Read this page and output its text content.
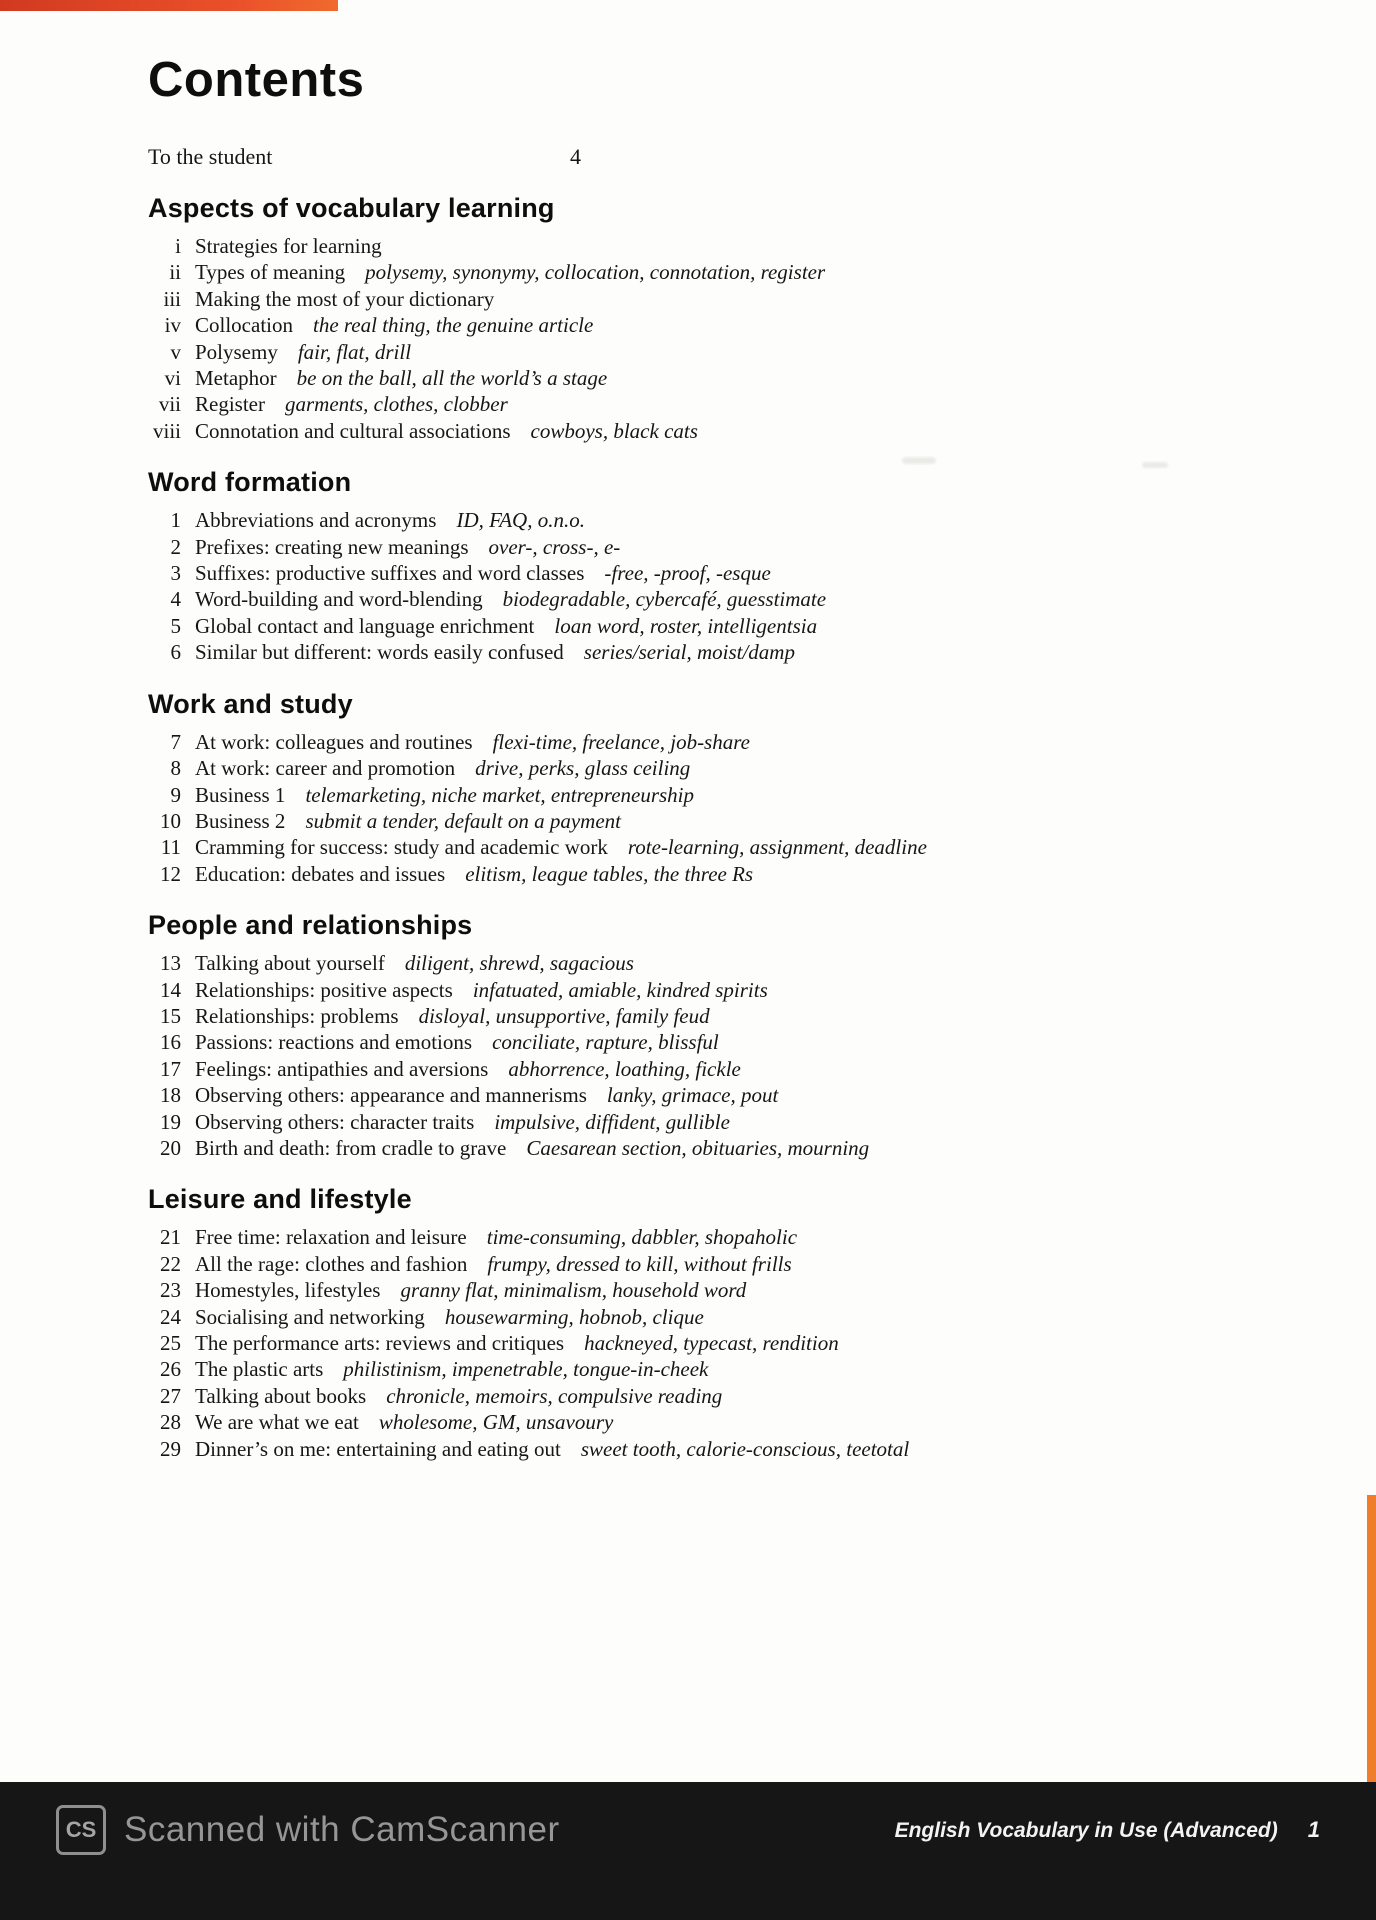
Contents
To the student	4
Aspects of vocabulary learning
i Strategies for learning
ii Types of meaning polysemy, synonymy, collocation, connotation, register
iii Making the most of your dictionary
iv Collocation the real thing, the genuine article
v Polysemy fair, flat, drill
vi Metaphor be on the ball, all the world’s a stage
vii Register garments, clothes, clobber
viii Connotation and cultural associations cowboys, black cats
Word formation
1 Abbreviations and acronyms ID, FAQ, o.n.o.
2 Prefixes: creating new meanings over-, cross-, e-
3 Suffixes: productive suffixes and word classes -free, -proof, -esque
4 Word-building and word-blending biodegradable, cybercafé, guesstimate
5 Global contact and language enrichment loan word, roster, intelligentsia
6 Similar but different: words easily confused series/serial, moist/damp
Work and study
7 At work: colleagues and routines flexi-time, freelance, job-share
8 At work: career and promotion drive, perks, glass ceiling
9 Business 1 telemarketing, niche market, entrepreneurship
10 Business 2 submit a tender, default on a payment
11 Cramming for success: study and academic work rote-learning, assignment, deadline
12 Education: debates and issues elitism, league tables, the three Rs
People and relationships
13 Talking about yourself diligent, shrewd, sagacious
14 Relationships: positive aspects infatuated, amiable, kindred spirits
15 Relationships: problems disloyal, unsupportive, family feud
16 Passions: reactions and emotions conciliate, rapture, blissful
17 Feelings: antipathies and aversions abhorrence, loathing, fickle
18 Observing others: appearance and mannerisms lanky, grimace, pout
19 Observing others: character traits impulsive, diffident, gullible
20 Birth and death: from cradle to grave Caesarean section, obituaries, mourning
Leisure and lifestyle
21 Free time: relaxation and leisure time-consuming, dabbler, shopaholic
22 All the rage: clothes and fashion frumpy, dressed to kill, without frills
23 Homestyles, lifestyles granny flat, minimalism, household word
24 Socialising and networking housewarming, hobnob, clique
25 The performance arts: reviews and critiques hackneyed, typecast, rendition
26 The plastic arts philistinism, impenetrable, tongue-in-cheek
27 Talking about books chronicle, memoirs, compulsive reading
28 We are what we eat wholesome, GM, unsavoury
29 Dinner’s on me: entertaining and eating out sweet tooth, calorie-conscious, teetotal
CS Scanned with CamScanner	English Vocabulary in Use (Advanced) 1
